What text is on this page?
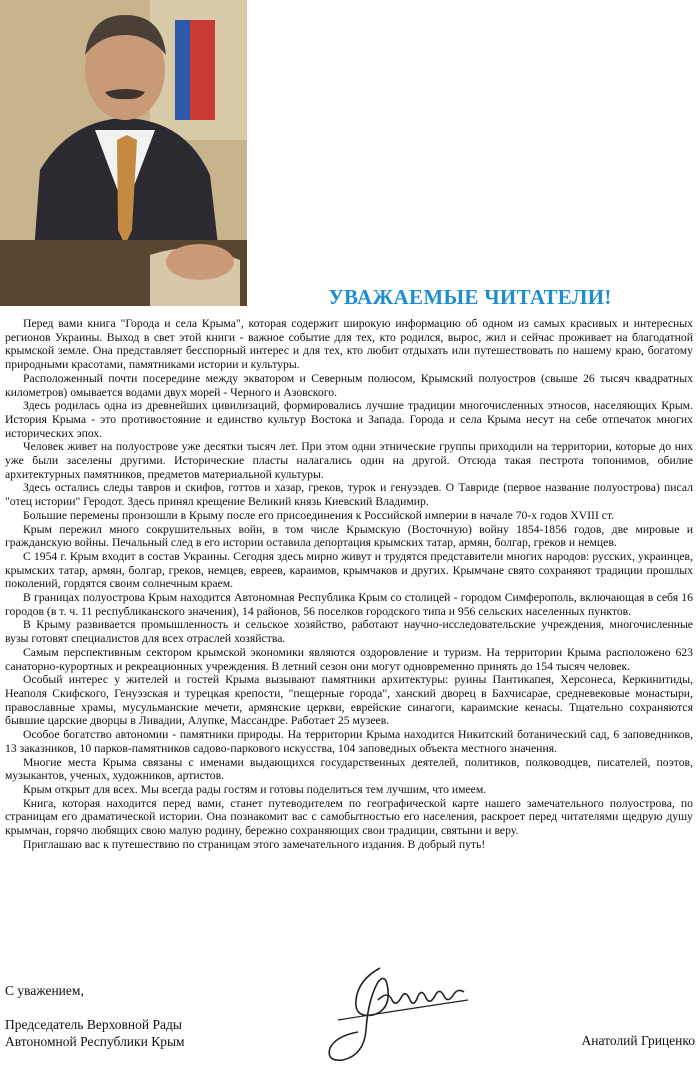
УВАЖАЕМЫЕ ЧИТАТЕЛИ!

Перед вами книга "Города и села Крыма", которая содержит широкую информацию об одном из самых красивых и интересных регионов Украины. Выход в свет этой книги - важное событие для тех, кто родился, вырос, жил и сейчас проживает на благодатной крымской земле. Она представляет бесспорный интерес и для тех, кто любит отдыхать или путешествовать по нашему краю, богатому природными красотами, памятниками истории и культуры.

Расположенный почти посередине между экватором и Северным полюсом, Крымский полуостров (свыше 26 тысяч квадратных километров) омывается водами двух морей - Черного и Азовского.

Здесь родилась одна из древнейших цивилизаций, формировались лучшие традиции многочисленных этносов, населяющих Крым. История Крыма - это противостояние и единство культур Востока и Запада. Города и села Крыма несут на себе отпечаток многих исторических эпох.

Человек живет на полуострове уже десятки тысяч лет. При этом одни этнические группы приходили на территории, которые до них уже были заселены другими. Исторические пласты налагались один на другой. Отсюда такая пестрота топонимов, обилие архитектурных памятников, предметов материальной культуры.

Здесь остались следы тавров и скифов, готтов и хазар, греков, турок и генуэздев. О Тавриде (первое название полуострова) писал "отец истории" Геродот. Здесь принял крещение Великий князь Киевский Владимир.

Большие перемены произошли в Крыму после его присоединения к Российской империи в начале 70-х годов XVIII ст.

Крым пережил много сокрушительных войн, в том числе Крымскую (Восточную) войну 1854-1856 годов, две мировые и гражданскую войны. Печальный след в его истории оставила депортация крымских татар, армян, болгар, греков и немцев.

С 1954 г. Крым входит в состав Украины. Сегодня здесь мирно живут и трудятся представители многих народов: русских, украинцев, крымских татар, армян, болгар, греков, немцев, евреев, караимов, крымчаков и других. Крымчане свято сохраняют традиции прошлых поколений, гордятся своим солнечным краем.

В границах полуострова Крым находится Автономная Республика Крым со столицей - городом Симферополь, включающая в себя 16 городов (в т. ч. 11 республиканского значения), 14 районов, 56 поселков городского типа и 956 сельских населенных пунктов.

В Крыму развивается промышленность и сельское хозяйство, работают научно-исследовательские учреждения, многочисленные вузы готовят специалистов для всех отраслей хозяйства.

Самым перспективным сектором крымской экономики являются оздоровление и туризм. На территории Крыма расположено 623 санаторно-курортных и рекреационных учреждения. В летний сезон они могут одновременно принять до 154 тысяч человек.

Особый интерес у жителей и гостей Крыма вызывают памятники архитектуры: руины Пантикапея, Херсонеса, Керкинитиды, Неаполя Скифского, Генуэзская и турецкая крепости, "пещерные города", ханский дворец в Бахчисарае, средневековые монастыри, православные храмы, мусульманские мечети, армянские церкви, еврейские синагоги, караимские кенасы. Тщательно сохраняются бывшие царские дворцы в Ливадии, Алупке, Массандре. Работает 25 музеев.

Особое богатство автономии - памятники природы. На территории Крыма находится Никитский ботанический сад, 6 заповедников, 13 заказников, 10 парков-памятников садово-паркового искусства, 104 заповедных объекта местного значения.

Многие места Крыма связаны с именами выдающихся государственных деятелей, политиков, полководцев, писателей, поэтов, музыкантов, ученых, художников, артистов.

Крым открыт для всех. Мы всегда рады гостям и готовы поделиться тем лучшим, что имеем.

Книга, которая находится перед вами, станет путеводителем по географической карте нашего замечательного полуострова, по страницам его драматической истории. Она познакомит вас с самобытностью его населения, раскроет перед читателями щедрую душу крымчан, горячо любящих свою малую родину, бережно сохраняющих свои традиции, святыни и веру.

Приглашаю вас к путешествию по страницам этого замечательного издания. В добрый путь!

С уважением,
Председатель Верховной Рады
Автономной Республики Крым	Анатолий Гриценко
